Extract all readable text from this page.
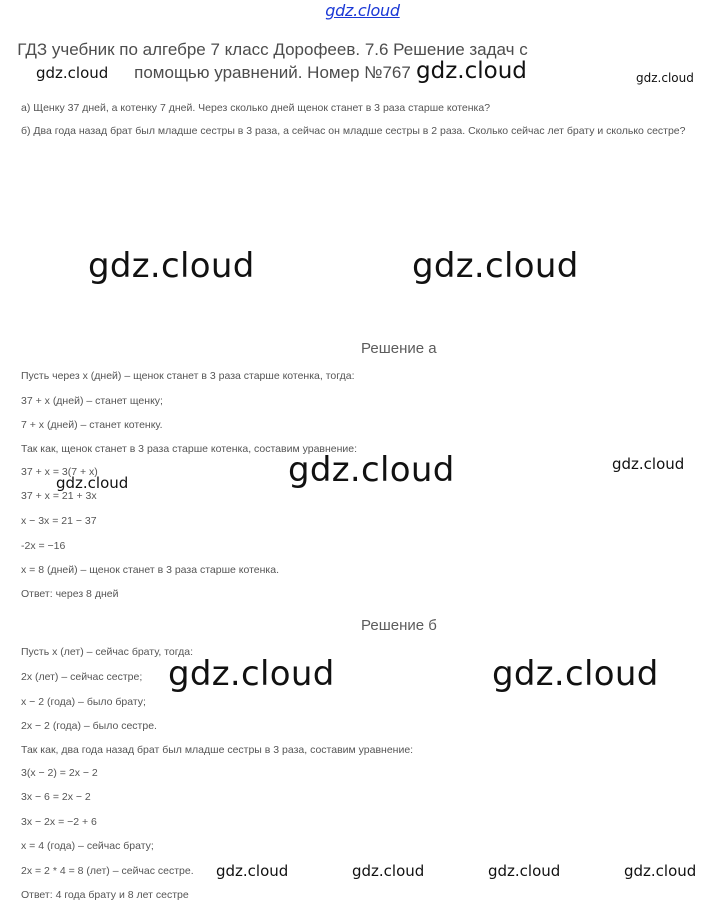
gdz.cloud
ГДЗ учебник по алгебре 7 класс Дорофеев. 7.6 Решение задач с помощью уравнений. Номер №767
а) Щенку 37 дней, а котенку 7 дней. Через сколько дней щенок станет в 3 раза старше котенка?
б) Два года назад брат был младше сестры в 3 раза, а сейчас он младше сестры в 2 раза. Сколько сейчас лет брату и сколько сестре?
Решение а
Пусть через x (дней) – щенок станет в 3 раза старше котенка, тогда:
37 + x (дней) – станет щенку;
7 + x (дней) – станет котенку.
Так как, щенок станет в 3 раза старше котенка, составим уравнение:
37 + x = 3(7 + x)
37 + x = 21 + 3x
x − 3x = 21 − 37
-2x = −16
x = 8 (дней) – щенок станет в 3 раза старше котенка.
Ответ: через 8 дней
Решение б
Пусть x (лет) – сейчас брату, тогда:
2x (лет) – сейчас сестре;
x − 2 (года) – было брату;
2x − 2 (года) – было сестре.
Так как, два года назад брат был младше сестры в 3 раза, составим уравнение:
3(x − 2) = 2x − 2
3x − 6 = 2x − 2
3x − 2x = −2 + 6
x = 4 (года) – сейчас брату;
2x = 2 * 4 = 8 (лет) – сейчас сестре.
Ответ: 4 года брату и 8 лет сестре
gdz.cloud	gdz.cloud	gdz.cloud
gdz.cloud	gdz.cloud
gdz.cloud	gdz.cloud
gdz.cloud
gdz.cloud	gdz.cloud
gdz.cloud	gdz.cloud	gdz.cloud	gdz.cloud
